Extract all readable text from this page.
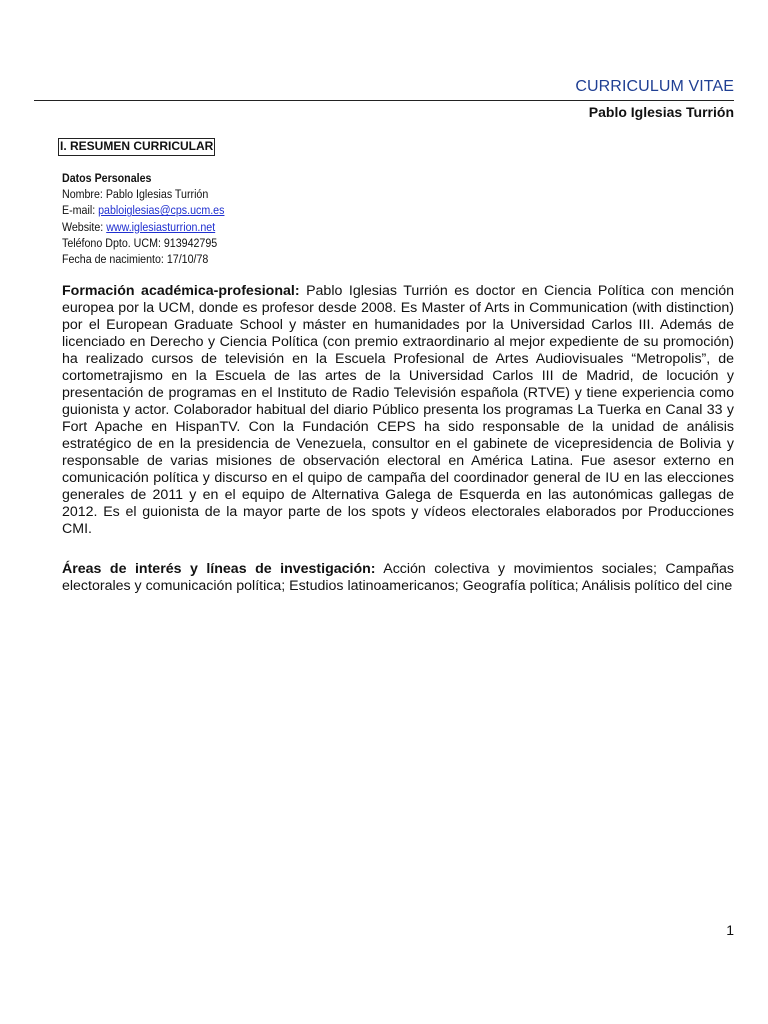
CURRICULUM VITAE
Pablo Iglesias Turrión
I. RESUMEN CURRICULAR
Datos Personales
Nombre: Pablo Iglesias Turrión
E-mail: pabloiglesias@cps.ucm.es
Website: www.iglesiasturrion.net
Teléfono Dpto. UCM: 913942795
Fecha de nacimiento: 17/10/78

Formación académica-profesional: Pablo Iglesias Turrión es doctor en Ciencia Política con mención europea por la UCM, donde es profesor desde 2008. Es Master of Arts in Communication (with distinction) por el European Graduate School y máster en humanidades por la Universidad Carlos III. Además de licenciado en Derecho y Ciencia Política (con premio extraordinario al mejor expediente de su promoción) ha realizado cursos de televisión en la Escuela Profesional de Artes Audiovisuales “Metropolis”, de cortometrajismo en la Escuela de las artes de la Universidad Carlos III de Madrid, de locución y presentación de programas en el Instituto de Radio Televisión española (RTVE) y tiene experiencia como guionista y actor. Colaborador habitual del diario Público presenta los programas La Tuerka en Canal 33 y Fort Apache en HispanTV. Con la Fundación CEPS ha sido responsable de la unidad de análisis estratégico de en la presidencia de Venezuela, consultor en el gabinete de vicepresidencia de Bolivia y responsable de varias misiones de observación electoral en América Latina. Fue asesor externo en comunicación política y discurso en el quipo de campaña del coordinador general de IU en las elecciones generales de 2011 y en el equipo de Alternativa Galega de Esquerda en las autonómicas gallegas de 2012. Es el guionista de la mayor parte de los spots y vídeos electorales elaborados por Producciones CMI.

Áreas de interés y líneas de investigación: Acción colectiva y movimientos sociales; Campañas electorales y comunicación política; Estudios latinoamericanos; Geografía política; Análisis político del cine

1
